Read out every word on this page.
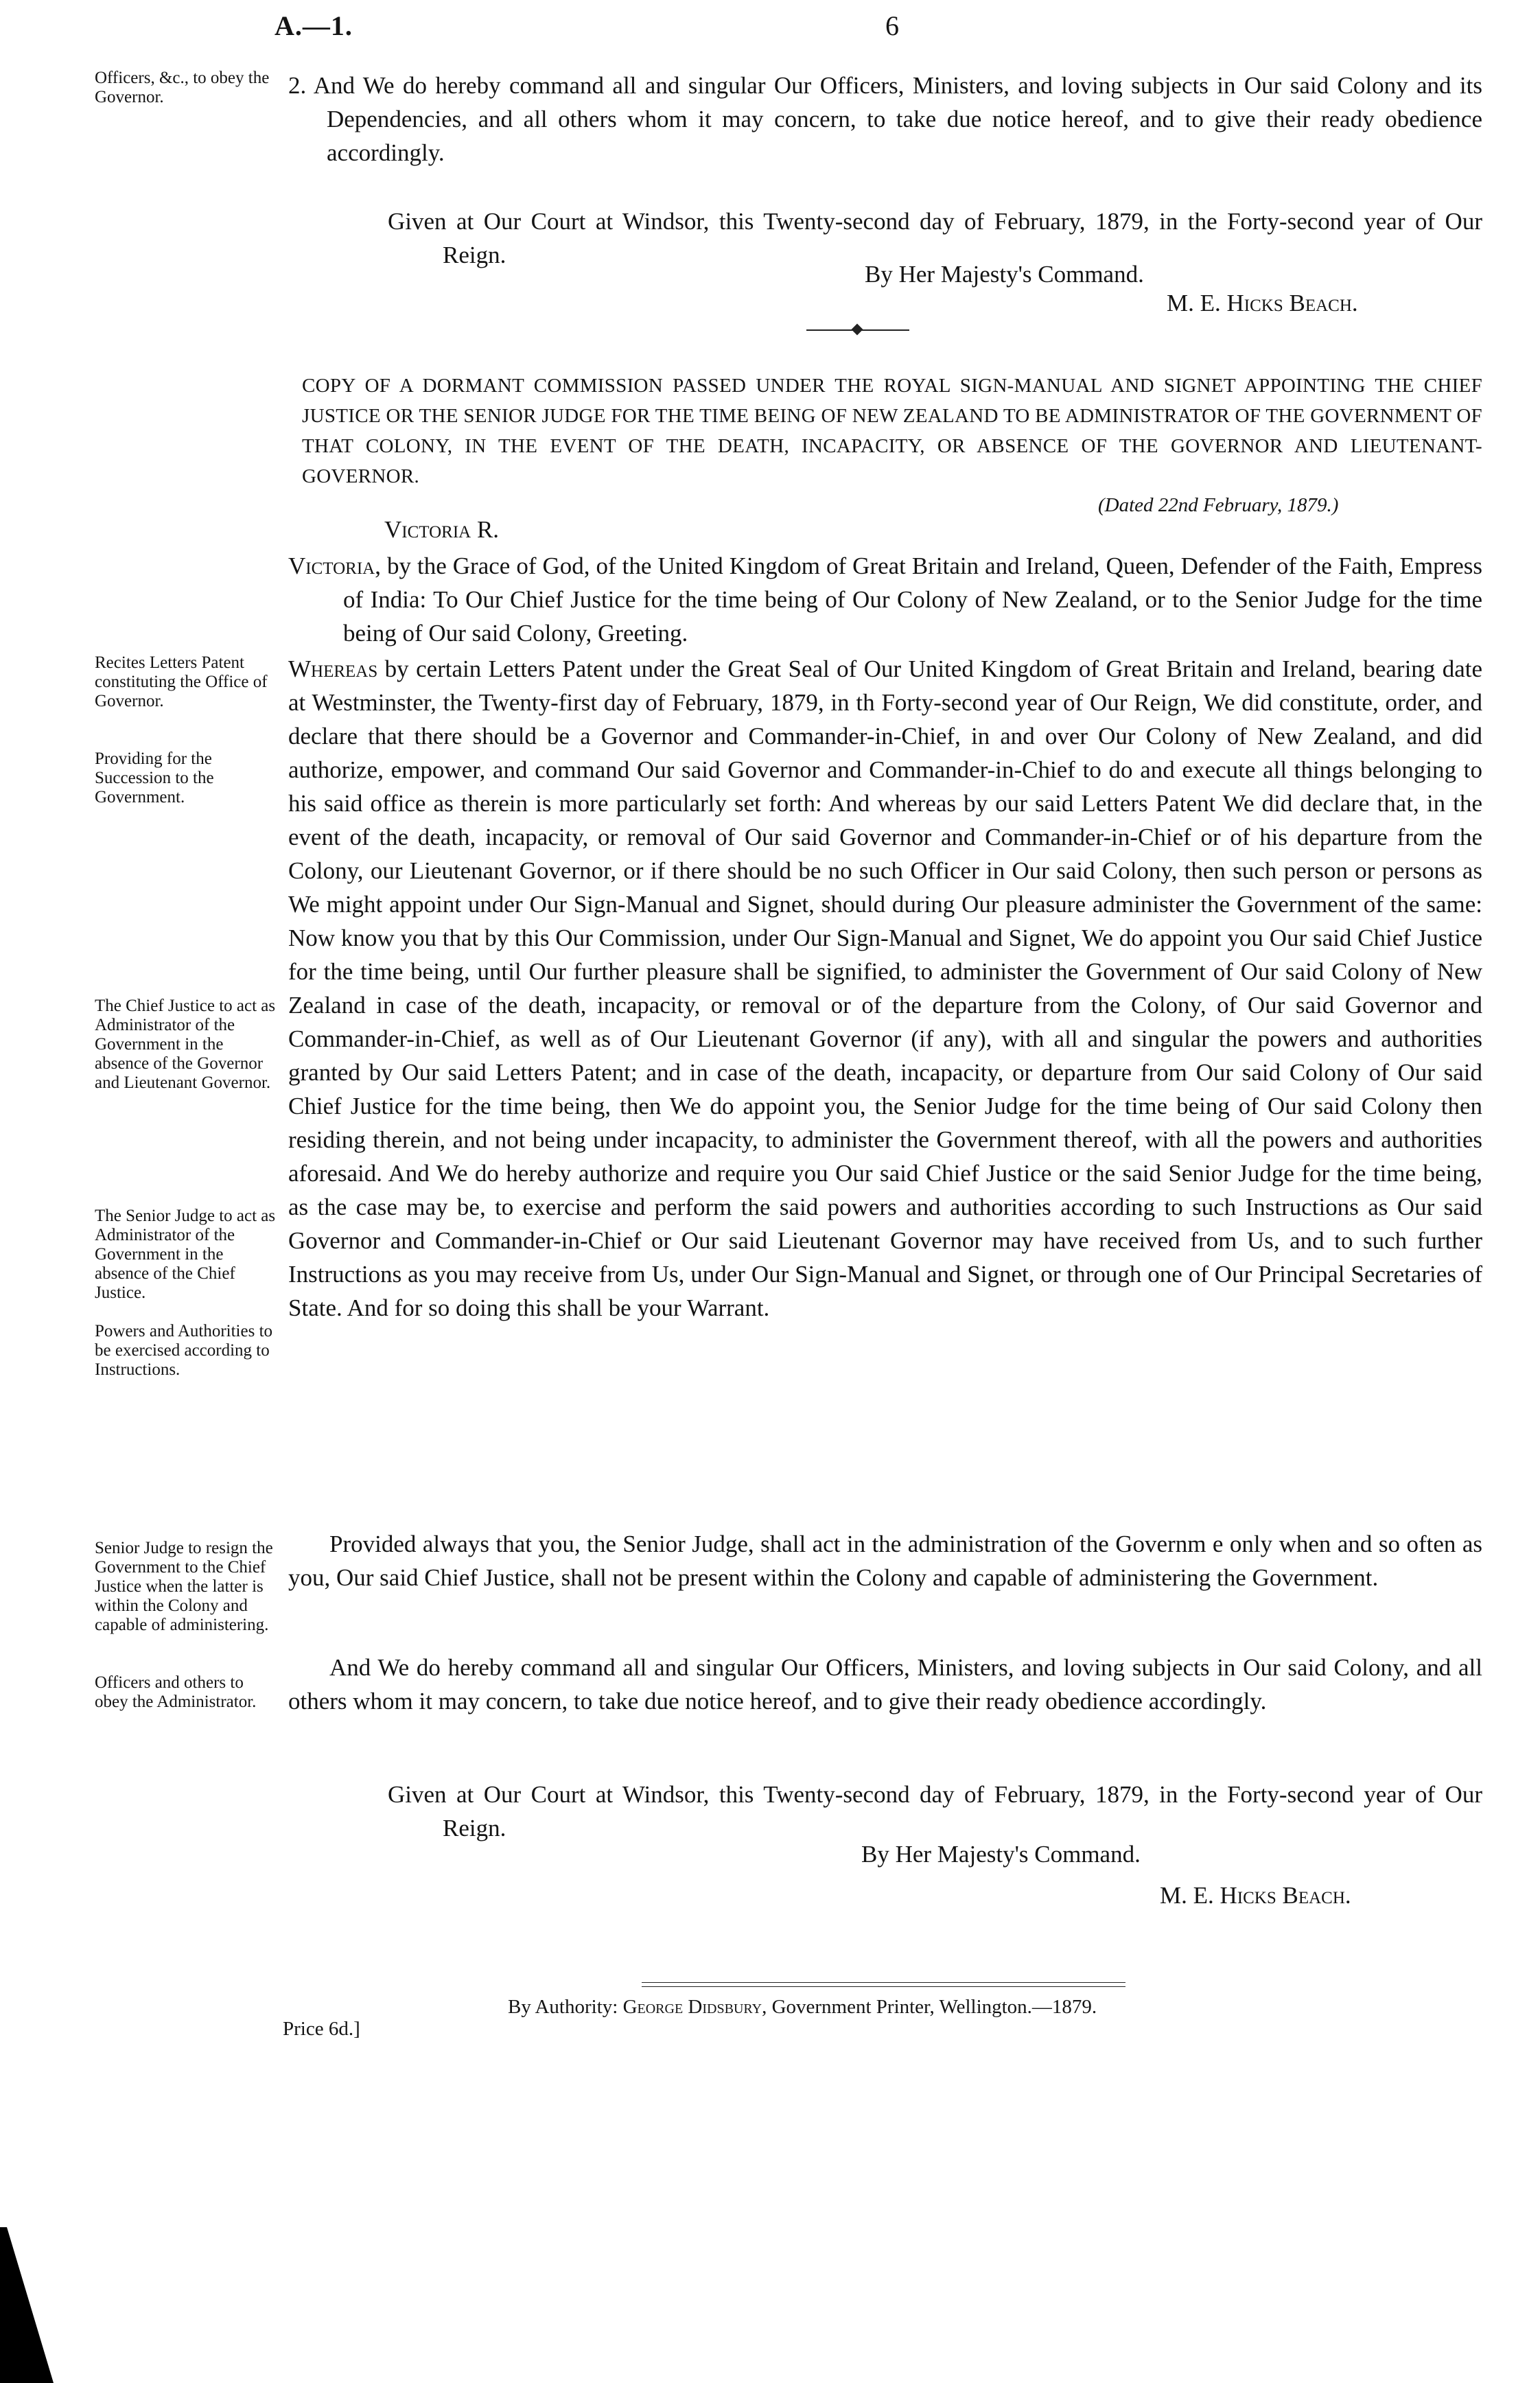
A.—1.	6
Officers, &c., to obey the Governor.	2. And We do hereby command all and singular Our Officers, Ministers, and loving subjects in Our said Colony and its Dependencies, and all others whom it may concern, to take due notice hereof, and to give their ready obedience accordingly.

Given at Our Court at Windsor, this Twenty-second day of February, 1879, in the Forty-second year of Our Reign.

By Her Majesty's Command.
M. E. Hicks Beach.
COPY OF A DORMANT COMMISSION PASSED UNDER THE ROYAL SIGN-MANUAL AND SIGNET APPOINTING THE CHIEF JUSTICE OR THE SENIOR JUDGE FOR THE TIME BEING OF NEW ZEALAND TO BE ADMINISTRATOR OF THE GOVERNMENT OF THAT COLONY, IN THE EVENT OF THE DEATH, INCAPACITY, OR ABSENCE OF THE GOVERNOR AND LIEUTENANT-GOVERNOR.
(Dated 22nd February, 1879.)
Victoria R.

Victoria, by the Grace of God, of the United Kingdom of Great Britain and Ireland, Queen, Defender of the Faith, Empress of India: To Our Chief Justice for the time being of Our Colony of New Zealand, or to the Senior Judge for the time being of Our said Colony, Greeting.

Recites Letters Patent constituting the Office of Governor.
Providing for the Succession to the Government.
The Chief Justice to act as Administrator of the Government in the absence of the Governor and Lieutenant Governor.
The Senior Judge to act as Administrator of the Government in the absence of the Chief Justice.
Powers and Authorities to be exercised according to Instructions.

Whereas by certain Letters Patent under the Great Seal of Our United Kingdom of Great Britain and Ireland, bearing date at Westminster, the Twenty-first day of February, 1879, in th Forty-second year of Our Reign, We did constitute, order, and declare that there should be a Governor and Commander-in-Chief, in and over Our Colony of New Zealand, and did authorize, empower, and command Our said Governor and Commander-in-Chief to do and execute all things belonging to his said office as therein is more particularly set forth: And whereas by our said Letters Patent We did declare that, in the event of the death, incapacity, or removal of Our said Governor and Commander-in-Chief or of his departure from the Colony, our Lieutenant Governor, or if there should be no such Officer in Our said Colony, then such person or persons as We might appoint under Our Sign-Manual and Signet, should during Our pleasure administer the Government of the same: Now know you that by this Our Commission, under Our Sign-Manual and Signet, We do appoint you Our said Chief Justice for the time being, until Our further pleasure shall be signified, to administer the Government of Our said Colony of New Zealand in case of the death, incapacity, or removal or of the departure from the Colony, of Our said Governor and Commander-in-Chief, as well as of Our Lieutenant Governor (if any), with all and singular the powers and authorities granted by Our said Letters Patent; and in case of the death, incapacity, or departure from Our said Colony of Our said Chief Justice for the time being, then We do appoint you, the Senior Judge for the time being of Our said Colony then residing therein, and not being under incapacity, to administer the Government thereof, with all the powers and authorities aforesaid. And We do hereby authorize and require you Our said Chief Justice or the said Senior Judge for the time being, as the case may be, to exercise and perform the said powers and authorities according to such Instructions as Our said Governor and Commander-in-Chief or Our said Lieutenant Governor may have received from Us, and to such further Instructions as you may receive from Us, under Our Sign-Manual and Signet, or through one of Our Principal Secretaries of State. And for so doing this shall be your Warrant.

Senior Judge to resign the Government to the Chief Justice when the latter is within the Colony and capable of administering.
Officers and others to obey the Administrator.

Provided always that you, the Senior Judge, shall act in the administration of the Governm e only when and so often as you, Our said Chief Justice, shall not be present within the Colony and capable of administering the Government.

And We do hereby command all and singular Our Officers, Ministers, and loving subjects in Our said Colony, and all others whom it may concern, to take due notice hereof, and to give their ready obedience accordingly.

Given at Our Court at Windsor, this Twenty-second day of February, 1879, in the Forty-second year of Our Reign.

By Her Majesty's Command.
M. E. Hicks Beach.
By Authority: George Didsbury, Government Printer, Wellington.—1879.
Price 6d.]
